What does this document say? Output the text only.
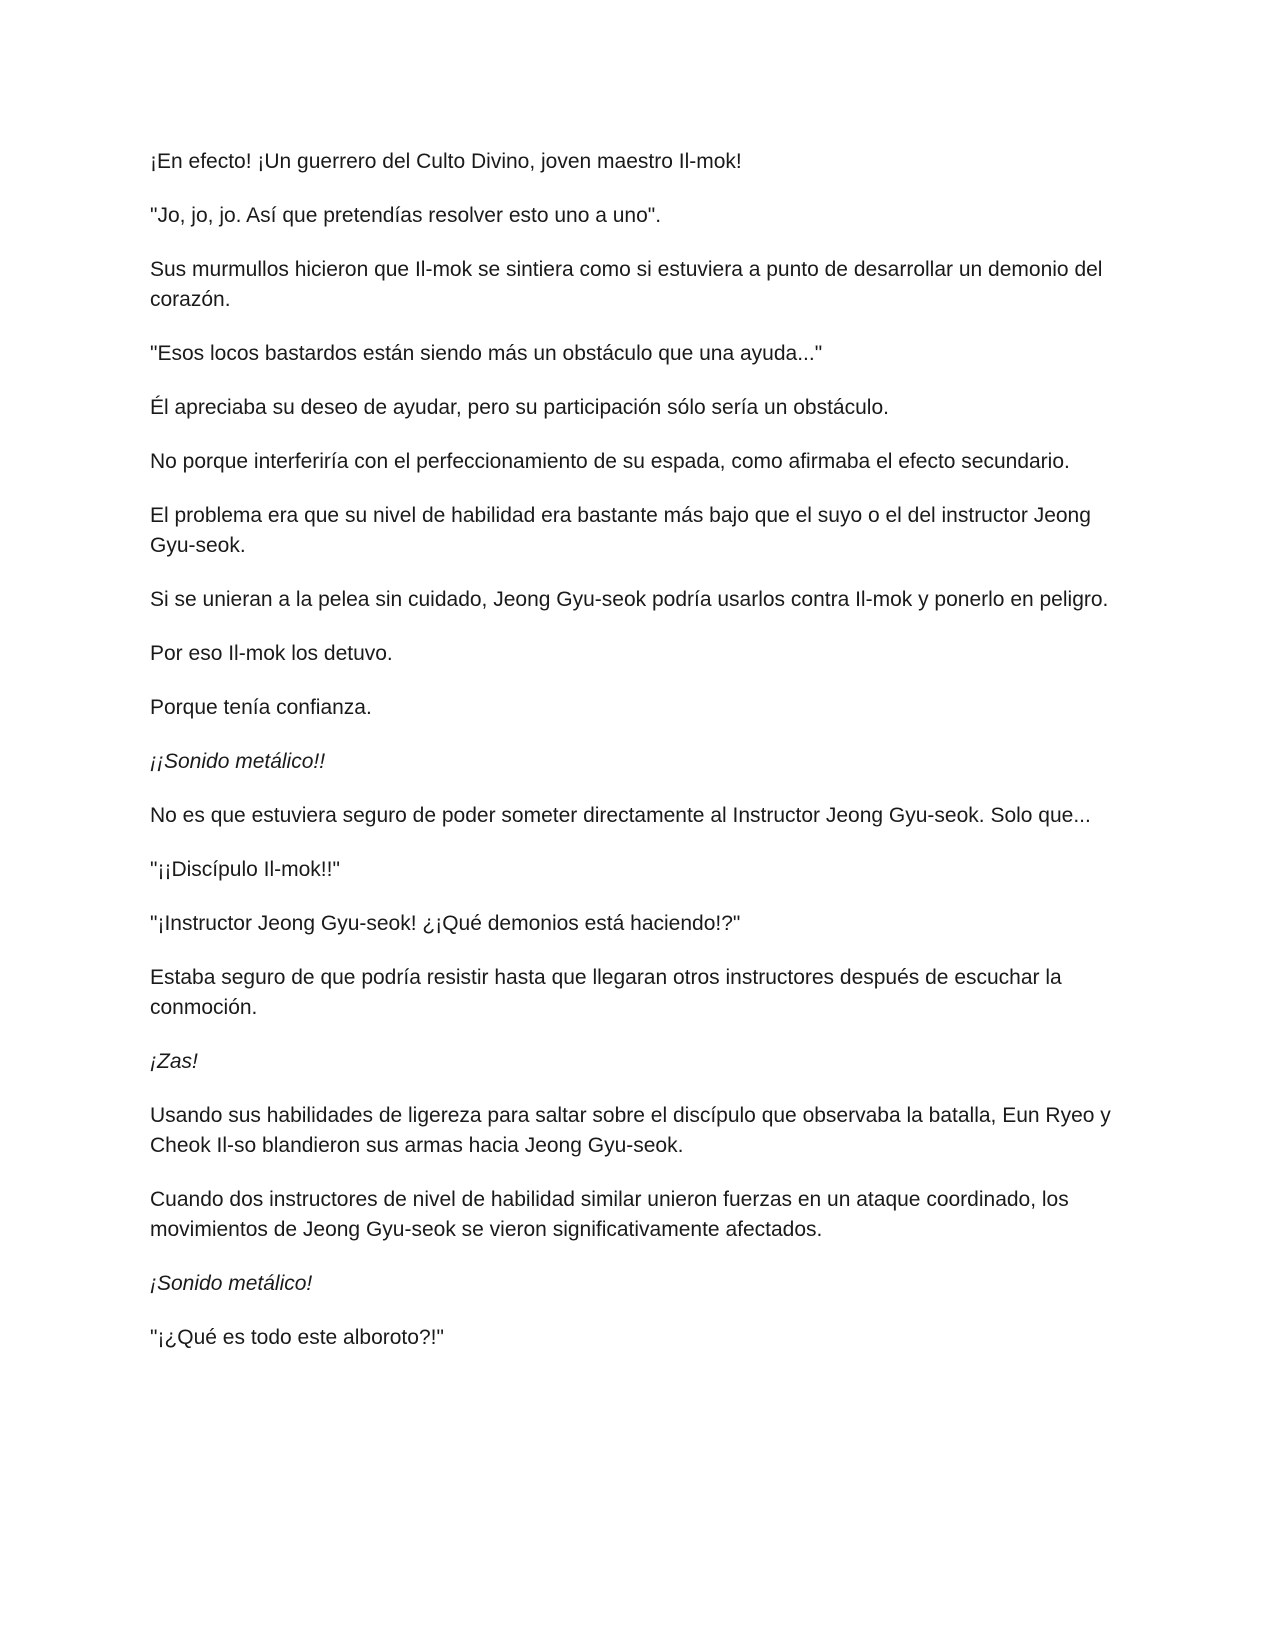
¡En efecto! ¡Un guerrero del Culto Divino, joven maestro Il-mok!

"Jo, jo, jo. Así que pretendías resolver esto uno a uno".

Sus murmullos hicieron que Il-mok se sintiera como si estuviera a punto de desarrollar un demonio del corazón.

"Esos locos bastardos están siendo más un obstáculo que una ayuda..."

Él apreciaba su deseo de ayudar, pero su participación sólo sería un obstáculo.

No porque interferiría con el perfeccionamiento de su espada, como afirmaba el efecto secundario.

El problema era que su nivel de habilidad era bastante más bajo que el suyo o el del instructor Jeong Gyu-seok.

Si se unieran a la pelea sin cuidado, Jeong Gyu-seok podría usarlos contra Il-mok y ponerlo en peligro.

Por eso Il-mok los detuvo.

Porque tenía confianza.

¡¡Sonido metálico!!

No es que estuviera seguro de poder someter directamente al Instructor Jeong Gyu-seok. Solo que...

"¡¡Discípulo Il-mok!!"

"¡Instructor Jeong Gyu-seok! ¿¡Qué demonios está haciendo!?"

Estaba seguro de que podría resistir hasta que llegaran otros instructores después de escuchar la conmoción.

¡Zas!

Usando sus habilidades de ligereza para saltar sobre el discípulo que observaba la batalla, Eun Ryeo y Cheok Il-so blandieron sus armas hacia Jeong Gyu-seok.

Cuando dos instructores de nivel de habilidad similar unieron fuerzas en un ataque coordinado, los movimientos de Jeong Gyu-seok se vieron significativamente afectados.

¡Sonido metálico!

"¡¿Qué es todo este alboroto?!"
